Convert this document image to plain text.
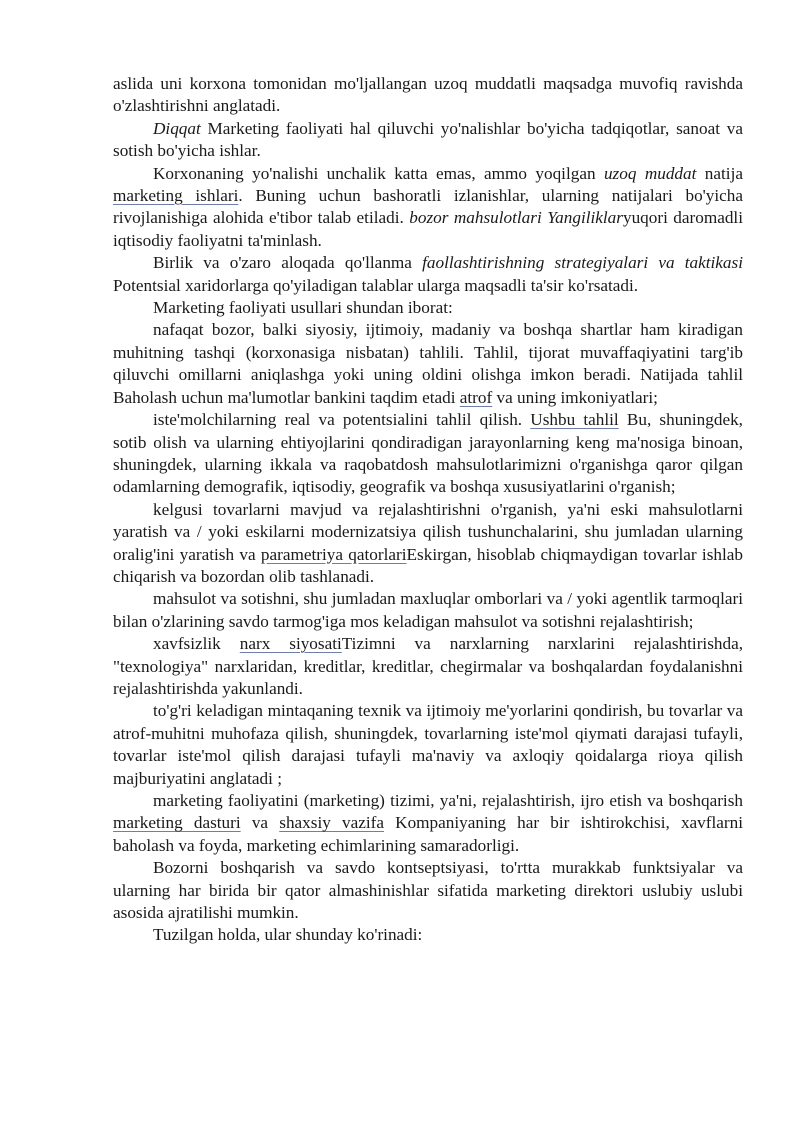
aslida uni korxona tomonidan mo'ljallangan uzoq muddatli maqsadga muvofiq ravishda o'zlashtirishni anglatadi.

Diqqat Marketing faoliyati hal qiluvchi yo'nalishlar bo'yicha tadqiqotlar, sanoat va sotish bo'yicha ishlar.

Korxonaning yo'nalishi unchalik katta emas, ammo yoqilgan uzoq muddat natija marketing ishlari. Buning uchun bashoratli izlanishlar, ularning natijalari bo'yicha rivojlanishiga alohida e'tibor talab etiladi. bozor mahsulotlari Yangiliklaryuqori daromadli iqtisodiy faoliyatni ta'minlash.

Birlik va o'zaro aloqada qo'llanma faollashtirishning strategiyalari va taktikasi Potentsial xaridorlarga qo'yiladigan talablar ularga maqsadli ta'sir ko'rsatadi.

Marketing faoliyati usullari shundan iborat:

nafaqat bozor, balki siyosiy, ijtimoiy, madaniy va boshqa shartlar ham kiradigan muhitning tashqi (korxonasiga nisbatan) tahlili. Tahlil, tijorat muvaffaqiyatini targ'ib qiluvchi omillarni aniqlashga yoki uning oldini olishga imkon beradi. Natijada tahlil Baholash uchun ma'lumotlar bankini taqdim etadi atrof va uning imkoniyatlari;

iste'molchilarning real va potentsialini tahlil qilish. Ushbu tahlil Bu, shuningdek, sotib olish va ularning ehtiyojlarini qondiradigan jarayonlarning keng ma'nosiga binoan, shuningdek, ularning ikkala va raqobatdosh mahsulotlarimizni o'rganishga qaror qilgan odamlarning demografik, iqtisodiy, geografik va boshqa xususiyatlarini o'rganish;

kelgusi tovarlarni mavjud va rejalashtirishni o'rganish, ya'ni eski mahsulotlarni yaratish va / yoki eskilarni modernizatsiya qilish tushunchalarini, shu jumladan ularning oralig'ini yaratish va parametriya qatorlariEskirgan, hisoblab chiqmaydigan tovarlar ishlab chiqarish va bozordan olib tashlanadi.

mahsulot va sotishni, shu jumladan maxluqlar omborlari va / yoki agentlik tarmoqlari bilan o'zlarining savdo tarmog'iga mos keladigan mahsulot va sotishni rejalashtirish;

xavfsizlik narx siyosatiTizimni va narxlarning narxlarini rejalashtirishda, "texnologiya" narxlaridan, kreditlar, kreditlar, chegirmalar va boshqalardan foydalanishni rejalashtirishda yakunlandi.

to'g'ri keladigan mintaqaning texnik va ijtimoiy me'yorlarini qondirish, bu tovarlar va atrof-muhitni muhofaza qilish, shuningdek, tovarlarning iste'mol qiymati darajasi tufayli, tovarlar iste'mol qilish darajasi tufayli ma'naviy va axloqiy qoidalarga rioya qilish majburiyatini anglatadi ;

marketing faoliyatini (marketing) tizimi, ya'ni, rejalashtirish, ijro etish va boshqarish marketing dasturi va shaxsiy vazifa Kompaniyaning har bir ishtirokchisi, xavflarni baholash va foyda, marketing echimlarining samaradorligi.

Bozorni boshqarish va savdo kontseptsiyasi, to'rtta murakkab funktsiyalar va ularning har birida bir qator almashinishlar sifatida marketing direktori uslubiy uslubi asosida ajratilishi mumkin.

Tuzilgan holda, ular shunday ko'rinadi:
